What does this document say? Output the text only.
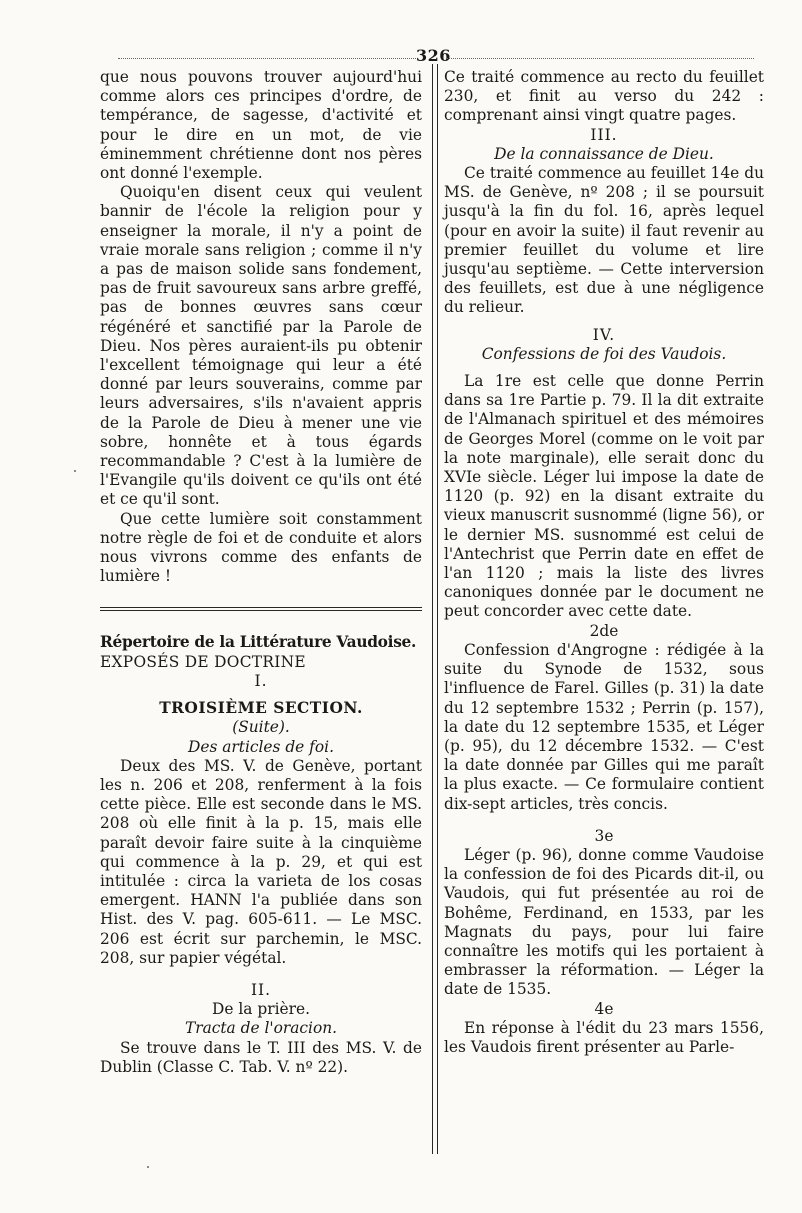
326

que nous pouvons trouver aujourd'hui comme alors ces principes d'ordre, de tempérance, de sagesse, d'activité et pour le dire en un mot, de vie éminemment chrétienne dont nos pères ont donné l'exemple.

Quoiqu'en disent ceux qui veulent bannir de l'école la religion pour y enseigner la morale, il n'y a point de vraie morale sans religion ; comme il n'y a pas de maison solide sans fondement, pas de fruit savoureux sans arbre greffé, pas de bonnes œuvres sans cœur régénéré et sanctifié par la Parole de Dieu. Nos pères auraient-ils pu obtenir l'excellent témoignage qui leur a été donné par leurs souverains, comme par leurs adversaires, s'ils n'avaient appris de la Parole de Dieu à mener une vie sobre, honnête et à tous égards recommandable ? C'est à la lumière de l'Evangile qu'ils doivent ce qu'ils ont été et ce qu'il sont.

Que cette lumière soit constamment notre règle de foi et de conduite et alors nous vivrons comme des enfants de lumière !

Répertoire de la Littérature Vaudoise.

EXPOSÉS DE DOCTRINE

I.

TROISIÈME SECTION.

(Suite).

Des articles de foi.

Deux des MS. V. de Genève, portant les n. 206 et 208, renferment à la fois cette pièce. Elle est seconde dans le MS. 208 où elle finit à la p. 15, mais elle paraît devoir faire suite à la cinquième qui commence à la p. 29, et qui est intitulée : circa la varieta de los cosas emergent. HANN l'a publiée dans son Hist. des V. pag. 605-611. — Le MSC. 206 est écrit sur parchemin, le MSC. 208, sur papier végétal.

II.

De la prière.

Tracta de l'oracion.

Se trouve dans le T. III des MS. V. de Dublin (Classe C. Tab. V. nº 22).

Ce traité commence au recto du feuillet 230, et finit au verso du 242 : comprenant ainsi vingt quatre pages.

III.

De la connaissance de Dieu.

Ce traité commence au feuillet 14e du MS. de Genève, nº 208 ; il se poursuit jusqu'à la fin du fol. 16, après lequel (pour en avoir la suite) il faut revenir au premier feuillet du volume et lire jusqu'au septième. — Cette interversion des feuillets, est due à une négligence du relieur.

IV.

Confessions de foi des Vaudois.

La 1re est celle que donne Perrin dans sa 1re Partie p. 79. Il la dit extraite de l'Almanach spirituel et des mémoires de Georges Morel (comme on le voit par la note marginale), elle serait donc du XVIe siècle. Léger lui impose la date de 1120 (p. 92) en la disant extraite du vieux manuscrit susnommé (ligne 56), or le dernier MS. susnommé est celui de l'Antechrist que Perrin date en effet de l'an 1120 ; mais la liste des livres canoniques donnée par le document ne peut concorder avec cette date.

2de

Confession d'Angrogne : rédigée à la suite du Synode de 1532, sous l'influence de Farel. Gilles (p. 31) la date du 12 septembre 1532 ; Perrin (p. 157), la date du 12 septembre 1535, et Léger (p. 95), du 12 décembre 1532. — C'est la date donnée par Gilles qui me paraît la plus exacte. — Ce formulaire contient dix-sept articles, très concis.

3e

Léger (p. 96), donne comme Vaudoise la confession de foi des Picards dit-il, ou Vaudois, qui fut présentée au roi de Bohême, Ferdinand, en 1533, par les Magnats du pays, pour lui faire connaître les motifs qui les portaient à embrasser la réformation. — Léger la date de 1535.

4e

En réponse à l'édit du 23 mars 1556, les Vaudois firent présenter au Parle-
